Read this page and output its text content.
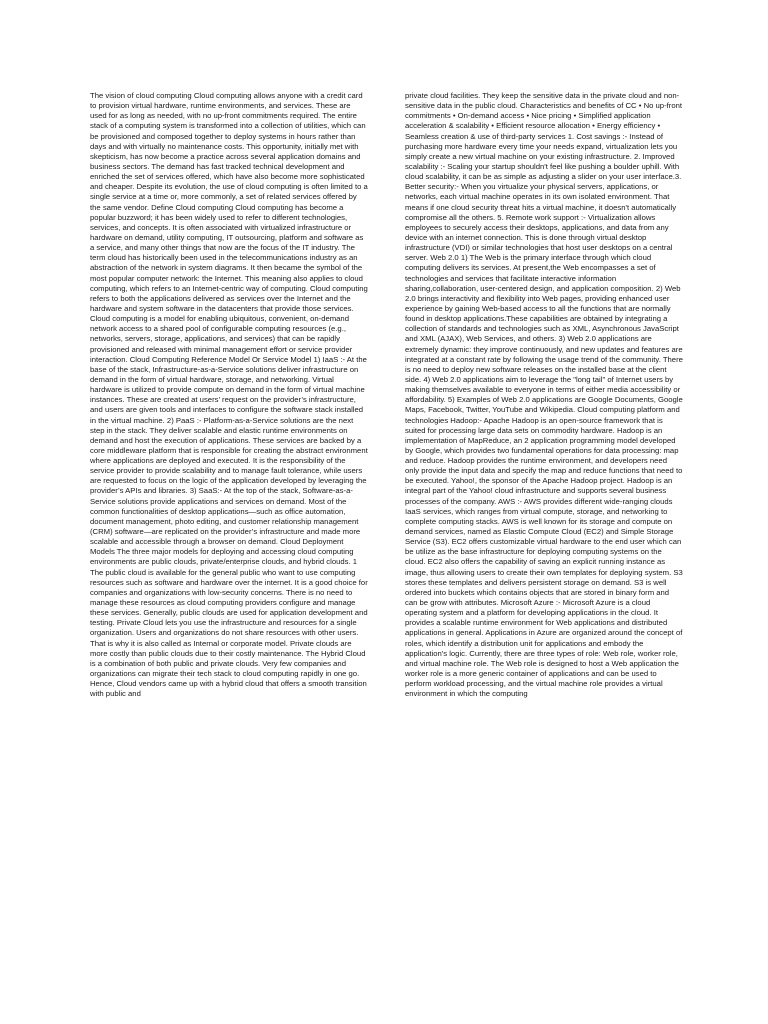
The vision of cloud computing Cloud computing allows anyone with a credit card to provision virtual hardware, runtime environments, and services. These are used for as long as needed, with no up-front commitments required. The entire stack of a computing system is transformed into a collection of utilities, which can be provisioned and composed together to deploy systems in hours rather than days and with virtually no maintenance costs. This opportunity, initially met with skepticism, has now become a practice across several application domains and business sectors. The demand has fast tracked technical development and enriched the set of services offered, which have also become more sophisticated and cheaper. Despite its evolution, the use of cloud computing is often limited to a single service at a time or, more commonly, a set of related services offered by the same vendor. Define Cloud computing Cloud computing has become a popular buzzword; it has been widely used to refer to different technologies, services, and concepts. It is often associated with virtualized infrastructure or hardware on demand, utility computing, IT outsourcing, platform and software as a service, and many other things that now are the focus of the IT industry. The term cloud has historically been used in the telecommunications industry as an abstraction of the network in system diagrams. It then became the symbol of the most popular computer network: the Internet. This meaning also applies to cloud computing, which refers to an Internet-centric way of computing. Cloud computing refers to both the applications delivered as services over the Internet and the hardware and system software in the datacenters that provide those services. Cloud computing is a model for enabling ubiquitous, convenient, on-demand network access to a shared pool of configurable computing resources (e.g., networks, servers, storage, applications, and services) that can be rapidly provisioned and released with minimal management effort or service provider interaction. Cloud Computing Reference Model Or Service Model 1) IaaS :- At the base of the stack, Infrastructure-as-a-Service solutions deliver infrastructure on demand in the form of virtual hardware, storage, and networking. Virtual hardware is utilized to provide compute on demand in the form of virtual machine instances. These are created at users’ request on the provider’s infrastructure, and users are given tools and interfaces to configure the software stack installed in the virtual machine. 2) PaaS :- Platform-as-a-Service solutions are the next step in the stack. They deliver scalable and elastic runtime environments on demand and host the execution of applications. These services are backed by a core middleware platform that is responsible for creating the abstract environment where applications are deployed and executed. It is the responsibility of the service provider to provide scalability and to manage fault tolerance, while users are requested to focus on the logic of the application developed by leveraging the provider’s APIs and libraries. 3) SaaS:- At the top of the stack, Software-as-a-Service solutions provide applications and services on demand. Most of the common functionalities of desktop applications—such as office automation, document management, photo editing, and customer relationship management (CRM) software—are replicated on the provider’s infrastructure and made more scalable and accessible through a browser on demand. Cloud Deployment Models The three major models for deploying and accessing cloud computing environments are public clouds, private/enterprise clouds, and hybrid clouds. 1 The public cloud is available for the general public who want to use computing resources such as software and hardware over the internet. It is a good choice for companies and organizations with low-security concerns. There is no need to manage these resources as cloud computing providers configure and manage these services. Generally, public clouds are used for application development and testing. Private Cloud lets you use the infrastructure and resources for a single organization. Users and organizations do not share resources with other users. That is why it is also called as Internal or corporate model. Private clouds are more costly than public clouds due to their costly maintenance. The Hybrid Cloud is a combination of both public and private clouds. Very few companies and organizations can migrate their tech stack to cloud computing rapidly in one go. Hence, Cloud vendors came up with a hybrid cloud that offers a smooth transition with public and

private cloud facilities. They keep the sensitive data in the private cloud and non-sensitive data in the public cloud. Characteristics and benefits of CC • No up-front commitments • On-demand access • Nice pricing • Simplified application acceleration & scalability • Efficient resource allocation • Energy efficiency • Seamless creation & use of third-party services 1. Cost savings :- Instead of purchasing more hardware every time your needs expand, virtualization lets you simply create a new virtual machine on your existing infrastructure. 2. Improved scalability :- Scaling your startup shouldn't feel like pushing a boulder uphill. With cloud scalability, it can be as simple as adjusting a slider on your user interface.3. Better security:- When you virtualize your physical servers, applications, or networks, each virtual machine operates in its own isolated environment. That means if one cloud security threat hits a virtual machine, it doesn't automatically compromise all the others. 5. Remote work support :- Virtualization allows employees to securely access their desktops, applications, and data from any device with an internet connection. This is done through virtual desktop infrastructure (VDI) or similar technologies that host user desktops on a central server. Web 2.0 1) The Web is the primary interface through which cloud computing delivers its services. At present,the Web encompasses a set of technologies and services that facilitate interactive information sharing,collaboration, user-centered design, and application composition. 2) Web 2.0 brings interactivity and flexibility into Web pages, providing enhanced user experience by gaining Web-based access to all the functions that are normally found in desktop applications.These capabilities are obtained by integrating a collection of standards and technologies such as XML, Asynchronous JavaScript and XML (AJAX), Web Services, and others. 3) Web 2.0 applications are extremely dynamic: they improve continuously, and new updates and features are integrated at a constant rate by following the usage trend of the community. There is no need to deploy new software releases on the installed base at the client side. 4) Web 2.0 applications aim to leverage the "long tail" of Internet users by making themselves available to everyone in terms of either media accessibility or affordability. 5) Examples of Web 2.0 applications are Google Documents, Google Maps, Facebook, Twitter, YouTube and Wikipedia. Cloud computing platform and technologies Hadoop:- Apache Hadoop is an open-source framework that is suited for processing large data sets on commodity hardware. Hadoop is an implementation of MapReduce, an 2 application programming model developed by Google, which provides two fundamental operations for data processing: map and reduce. Hadoop provides the runtime environment, and developers need only provide the input data and specify the map and reduce functions that need to be executed. Yahoo!, the sponsor of the Apache Hadoop project. Hadoop is an integral part of the Yahoo! cloud infrastructure and supports several business processes of the company. AWS :- AWS provides different wide-ranging clouds IaaS services, which ranges from virtual compute, storage, and networking to complete computing stacks. AWS is well known for its storage and compute on demand services, named as Elastic Compute Cloud (EC2) and Simple Storage Service (S3). EC2 offers customizable virtual hardware to the end user which can be utilize as the base infrastructure for deploying computing systems on the cloud. EC2 also offers the capability of saving an explicit running instance as image, thus allowing users to create their own templates for deploying system. S3 stores these templates and delivers persistent storage on demand. S3 is well ordered into buckets which contains objects that are stored in binary form and can be grow with attributes. Microsoft Azure :- Microsoft Azure is a cloud operating system and a platform for developing applications in the cloud. It provides a scalable runtime environment for Web applications and distributed applications in general. Applications in Azure are organized around the concept of roles, which identify a distribution unit for applications and embody the application's logic. Currently, there are three types of role: Web role, worker role, and virtual machine role. The Web role is designed to host a Web application the worker role is a more generic container of applications and can be used to perform workload processing, and the virtual machine role provides a virtual environment in which the computing
